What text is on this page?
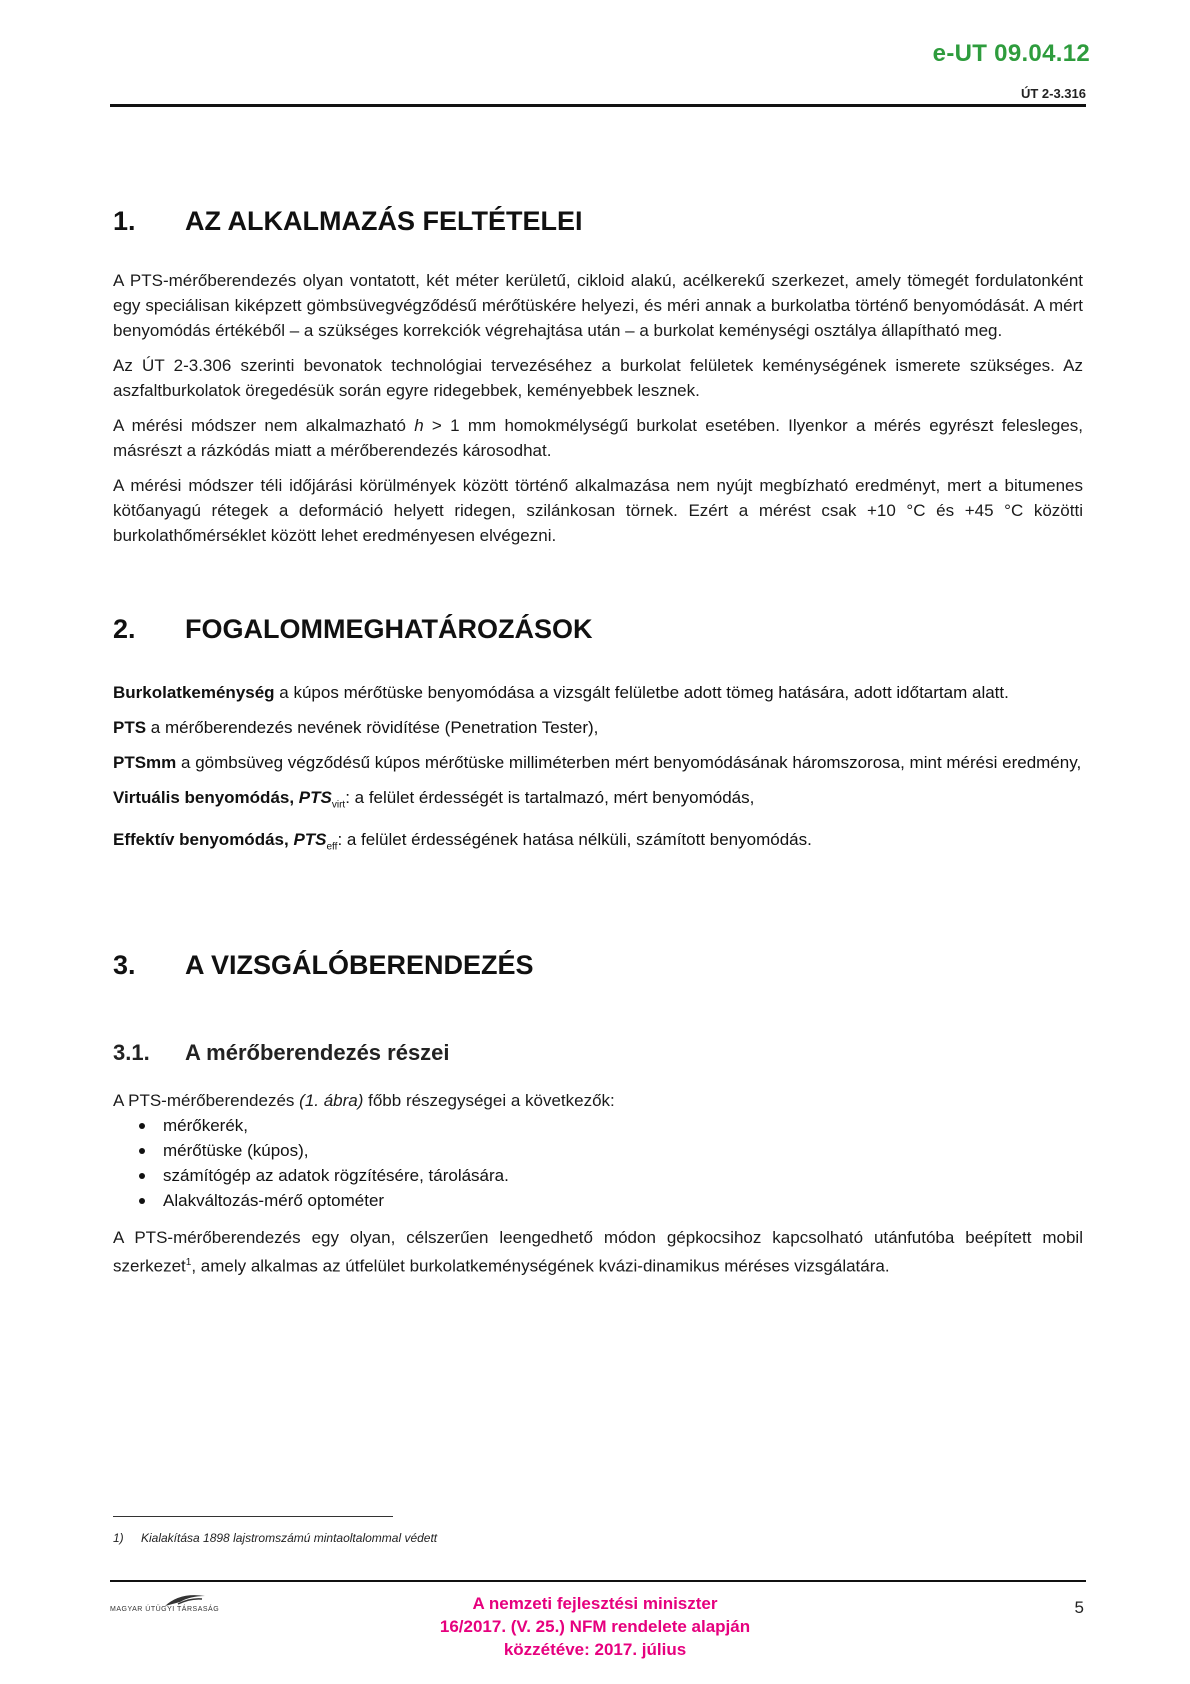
e-UT 09.04.12
ÚT 2-3.316
1. AZ ALKALMAZÁS FELTÉTELEI

A PTS-mérőberendezés olyan vontatott, két méter kerületű, cikloid alakú, acélkerekű szerkezet, amely tömegét fordulatonként egy speciálisan kiképzett gömbsüvegvégződésű mérőtüskére helyezi, és méri annak a burkolatba történő benyomódását. A mért benyomódás értékéből – a szükséges korrekciók végrehajtása után – a burkolat keménységi osztálya állapítható meg.

Az ÚT 2-3.306 szerinti bevonatok technológiai tervezéséhez a burkolat felületek keménységének ismerete szükséges. Az aszfaltburkolatok öregedésük során egyre ridegebbek, keményebbek lesznek.

A mérési módszer nem alkalmazható h > 1 mm homokmélységű burkolat esetében. Ilyenkor a mérés egyrészt felesleges, másrészt a rázkódás miatt a mérőberendezés károsodhat.

A mérési módszer téli időjárási körülmények között történő alkalmazása nem nyújt megbízható eredményt, mert a bitumenes kötőanyagú rétegek a deformáció helyett ridegen, szilánkosan törnek. Ezért a mérést csak +10 °C és +45 °C közötti burkolathőmérséklet között lehet eredményesen elvégezni.

2. FOGALOMMEGHATÁROZÁSOK

Burkolatkeménység a kúpos mérőtüske benyomódása a vizsgált felületbe adott tömeg hatására, adott időtartam alatt.

PTS a mérőberendezés nevének rövidítése (Penetration Tester),

PTSmm a gömbsüveg végződésű kúpos mérőtüske milliméterben mért benyomódásának háromszorosa, mint mérési eredmény,

Virtuális benyomódás, $PTS_{virt}$: a felület érdességét is tartalmazó, mért benyomódás,

Effektív benyomódás, $PTS_{eff}$: a felület érdességének hatása nélküli, számított benyomódás.

3. A VIZSGÁLÓBERENDEZÉS
3.1. A mérőberendezés részei

A PTS-mérőberendezés (1. ábra) főbb részegységei a következők:

mérőkerék,
mérőtüske (kúpos),
számítógép az adatok rögzítésére, tárolására.
Alakváltozás-mérő optométer

A PTS-mérőberendezés egy olyan, célszerűen leengedhető módon gépkocsihoz kapcsolható utánfutóba beépített mobil szerkezet$^1$, amely alkalmas az útfelület burkolatkeménységének kvázi-dinamikus méréses vizsgálatára.

1) Kialakítása 1898 lajstromszámú mintaoltalommal védett
MAGYAR ÚTÜGYI TÁRSASÁG	A nemzeti fejlesztési miniszter
16/2017. (V. 25.) NFM rendelete alapján
közzétéve: 2017. július
5
